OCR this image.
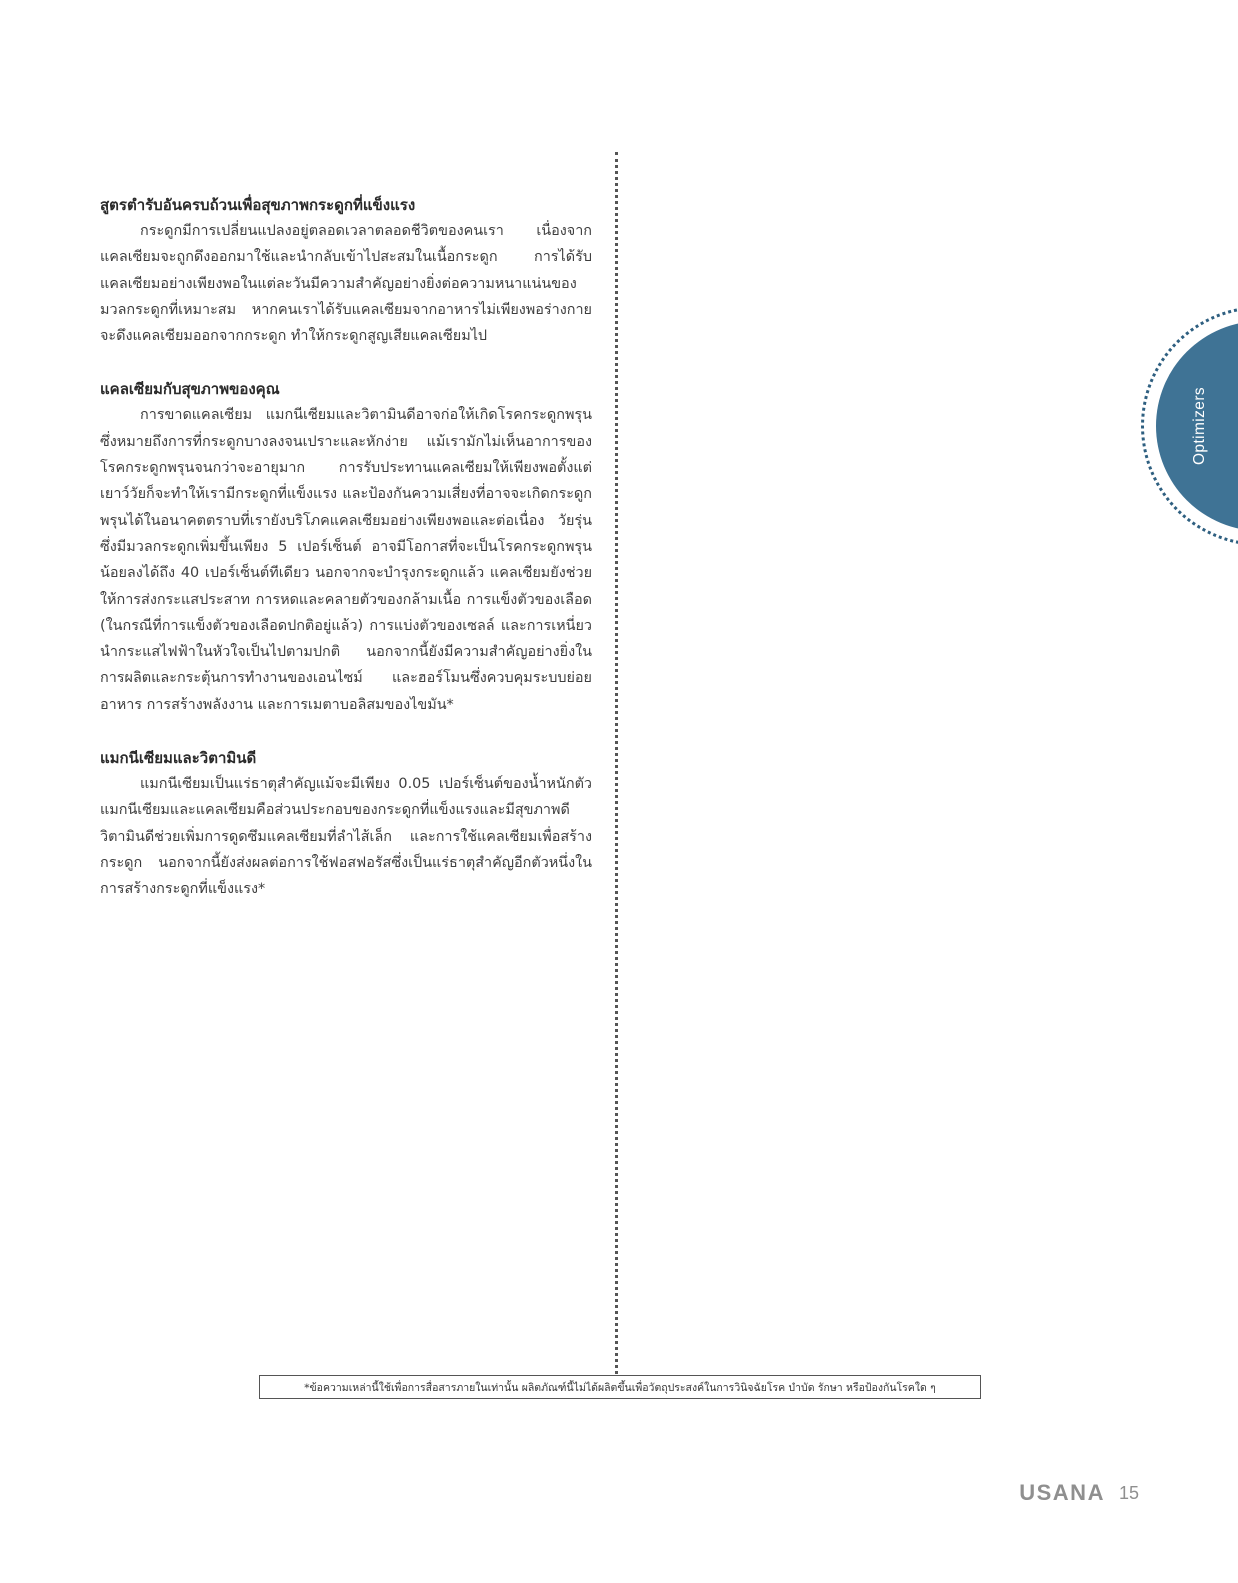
สูตรตำรับอันครบถ้วนเพื่อสุขภาพกระดูกที่แข็งแรง

กระดูกมีการเปลี่ยนแปลงอยู่ตลอดเวลาตลอดชีวิตของคนเรา เนื่องจากแคลเซียมจะถูกดึงออกมาใช้และนำกลับเข้าไปสะสมในเนื้อกระดูก การได้รับแคลเซียมอย่างเพียงพอในแต่ละวันมีความสำคัญอย่างยิ่งต่อความหนาแน่นของมวลกระดูกที่เหมาะสม หากคนเราได้รับแคลเซียมจากอาหารไม่เพียงพอร่างกายจะดึงแคลเซียมออกจากกระดูก ทำให้กระดูกสูญเสียแคลเซียมไป

แคลเซียมกับสุขภาพของคุณ

การขาดแคลเซียม แมกนีเซียมและวิตามินดีอาจก่อให้เกิดโรคกระดูกพรุน ซึ่งหมายถึงการที่กระดูกบางลงจนเปราะและหักง่าย แม้เรามักไม่เห็นอาการของโรคกระดูกพรุนจนกว่าจะอายุมาก การรับประทานแคลเซียมให้เพียงพอตั้งแต่เยาว์วัยก็จะทำให้เรามีกระดูกที่แข็งแรง และป้องกันความเสี่ยงที่อาจจะเกิดกระดูกพรุนได้ในอนาคตตราบที่เรายังบริโภคแคลเซียมอย่างเพียงพอและต่อเนื่อง วัยรุ่นซึ่งมีมวลกระดูกเพิ่มขึ้นเพียง 5 เปอร์เซ็นต์ อาจมีโอกาสที่จะเป็นโรคกระดูกพรุนน้อยลงได้ถึง 40 เปอร์เซ็นต์ทีเดียว นอกจากจะบำรุงกระดูกแล้ว แคลเซียมยังช่วยให้การส่งกระแสประสาท การหดและคลายตัวของกล้ามเนื้อ การแข็งตัวของเลือด (ในกรณีที่การแข็งตัวของเลือดปกติอยู่แล้ว) การแบ่งตัวของเซลล์ และการเหนี่ยวนำกระแสไฟฟ้าในหัวใจเป็นไปตามปกติ นอกจากนี้ยังมีความสำคัญอย่างยิ่งในการผลิตและกระตุ้นการทำงานของเอนไซม์ และฮอร์โมนซึ่งควบคุมระบบย่อยอาหาร การสร้างพลังงาน และการเมตาบอลิสมของไขมัน*

แมกนีเซียมและวิตามินดี

แมกนีเซียมเป็นแร่ธาตุสำคัญแม้จะมีเพียง 0.05 เปอร์เซ็นต์ของน้ำหนักตัว แมกนีเซียมและแคลเซียมคือส่วนประกอบของกระดูกที่แข็งแรงและมีสุขภาพดี วิตามินดีช่วยเพิ่มการดูดซึมแคลเซียมที่ลำไส้เล็ก และการใช้แคลเซียมเพื่อสร้างกระดูก นอกจากนี้ยังส่งผลต่อการใช้ฟอสฟอรัสซึ่งเป็นแร่ธาตุสำคัญอีกตัวหนึ่งในการสร้างกระดูกที่แข็งแรง*

*ข้อความเหล่านี้ใช้เพื่อการสื่อสารภายในเท่านั้น ผลิตภัณฑ์นี้ไม่ได้ผลิตขึ้นเพื่อวัตถุประสงค์ในการวินิจฉัยโรค บำบัด รักษา หรือป้องกันโรคใด ๆ
Optimizers
USANA 15
